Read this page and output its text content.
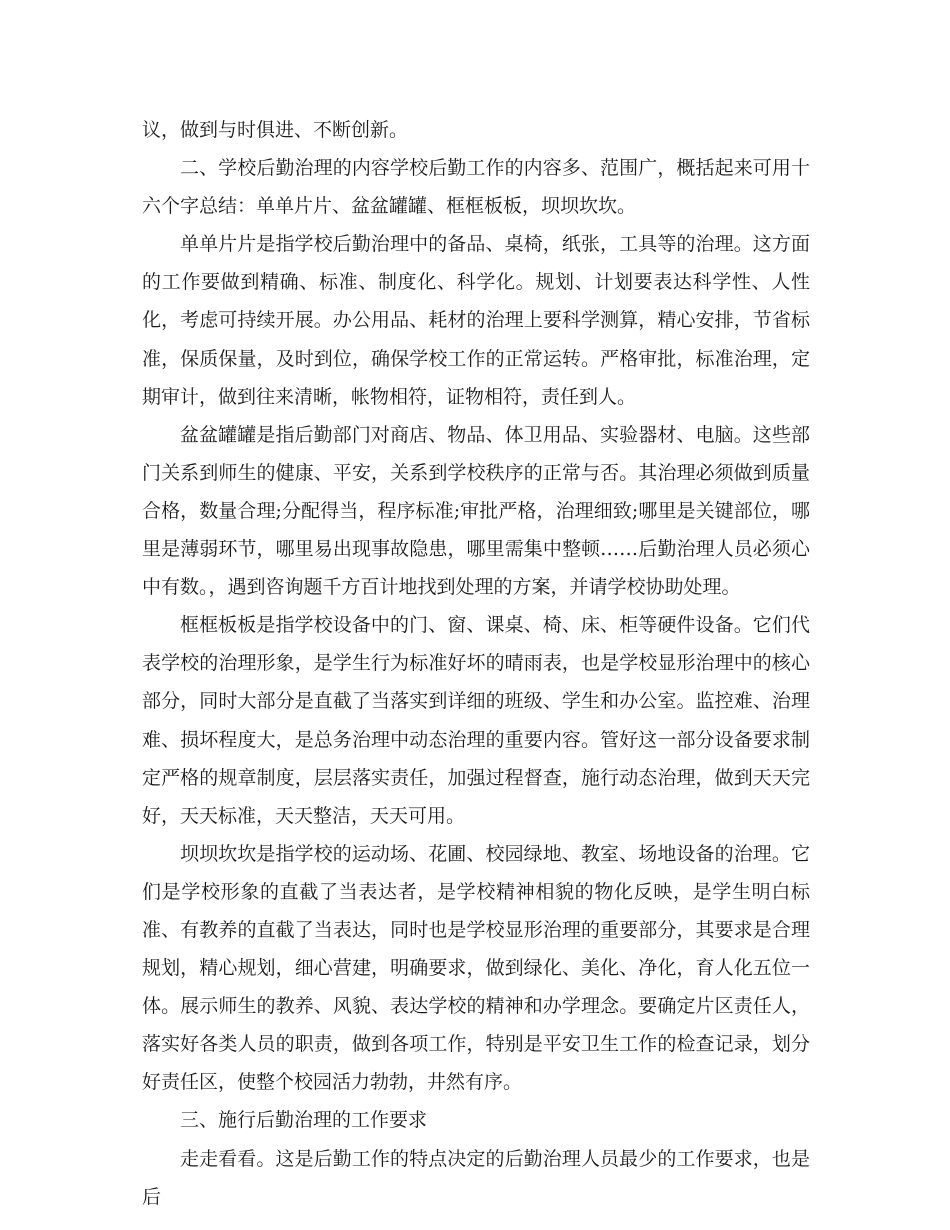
议，做到与时俱进、不断创新。

二、学校后勤治理的内容学校后勤工作的内容多、范围广，概括起来可用十六个字总结：单单片片、盆盆罐罐、框框板板，坝坝坎坎。

单单片片是指学校后勤治理中的备品、桌椅，纸张，工具等的治理。这方面的工作要做到精确、标准、制度化、科学化。规划、计划要表达科学性、人性化，考虑可持续开展。办公用品、耗材的治理上要科学测算，精心安排，节省标准，保质保量，及时到位，确保学校工作的正常运转。严格审批，标准治理，定期审计，做到往来清晰，帐物相符，证物相符，责任到人。

盆盆罐罐是指后勤部门对商店、物品、体卫用品、实验器材、电脑。这些部门关系到师生的健康、平安，关系到学校秩序的正常与否。其治理必须做到质量合格，数量合理;分配得当，程序标准;审批严格，治理细致;哪里是关键部位，哪里是薄弱环节，哪里易出现事故隐患，哪里需集中整顿……后勤治理人员必须心中有数。，遇到咨询题千方百计地找到处理的方案，并请学校协助处理。

框框板板是指学校设备中的门、窗、课桌、椅、床、柜等硬件设备。它们代表学校的治理形象，是学生行为标准好坏的晴雨表，也是学校显形治理中的核心部分，同时大部分是直截了当落实到详细的班级、学生和办公室。监控难、治理难、损坏程度大，是总务治理中动态治理的重要内容。管好这一部分设备要求制定严格的规章制度，层层落实责任，加强过程督查，施行动态治理，做到天天完好，天天标准，天天整洁，天天可用。

坝坝坎坎是指学校的运动场、花圃、校园绿地、教室、场地设备的治理。它们是学校形象的直截了当表达者，是学校精神相貌的物化反映，是学生明白标准、有教养的直截了当表达，同时也是学校显形治理的重要部分，其要求是合理规划，精心规划，细心营建，明确要求，做到绿化、美化、净化，育人化五位一体。展示师生的教养、风貌、表达学校的精神和办学理念。要确定片区责任人，落实好各类人员的职责，做到各项工作，特别是平安卫生工作的检查记录，划分好责任区，使整个校园活力勃勃，井然有序。

三、施行后勤治理的工作要求

走走看看。这是后勤工作的特点决定的后勤治理人员最少的工作要求，也是后
